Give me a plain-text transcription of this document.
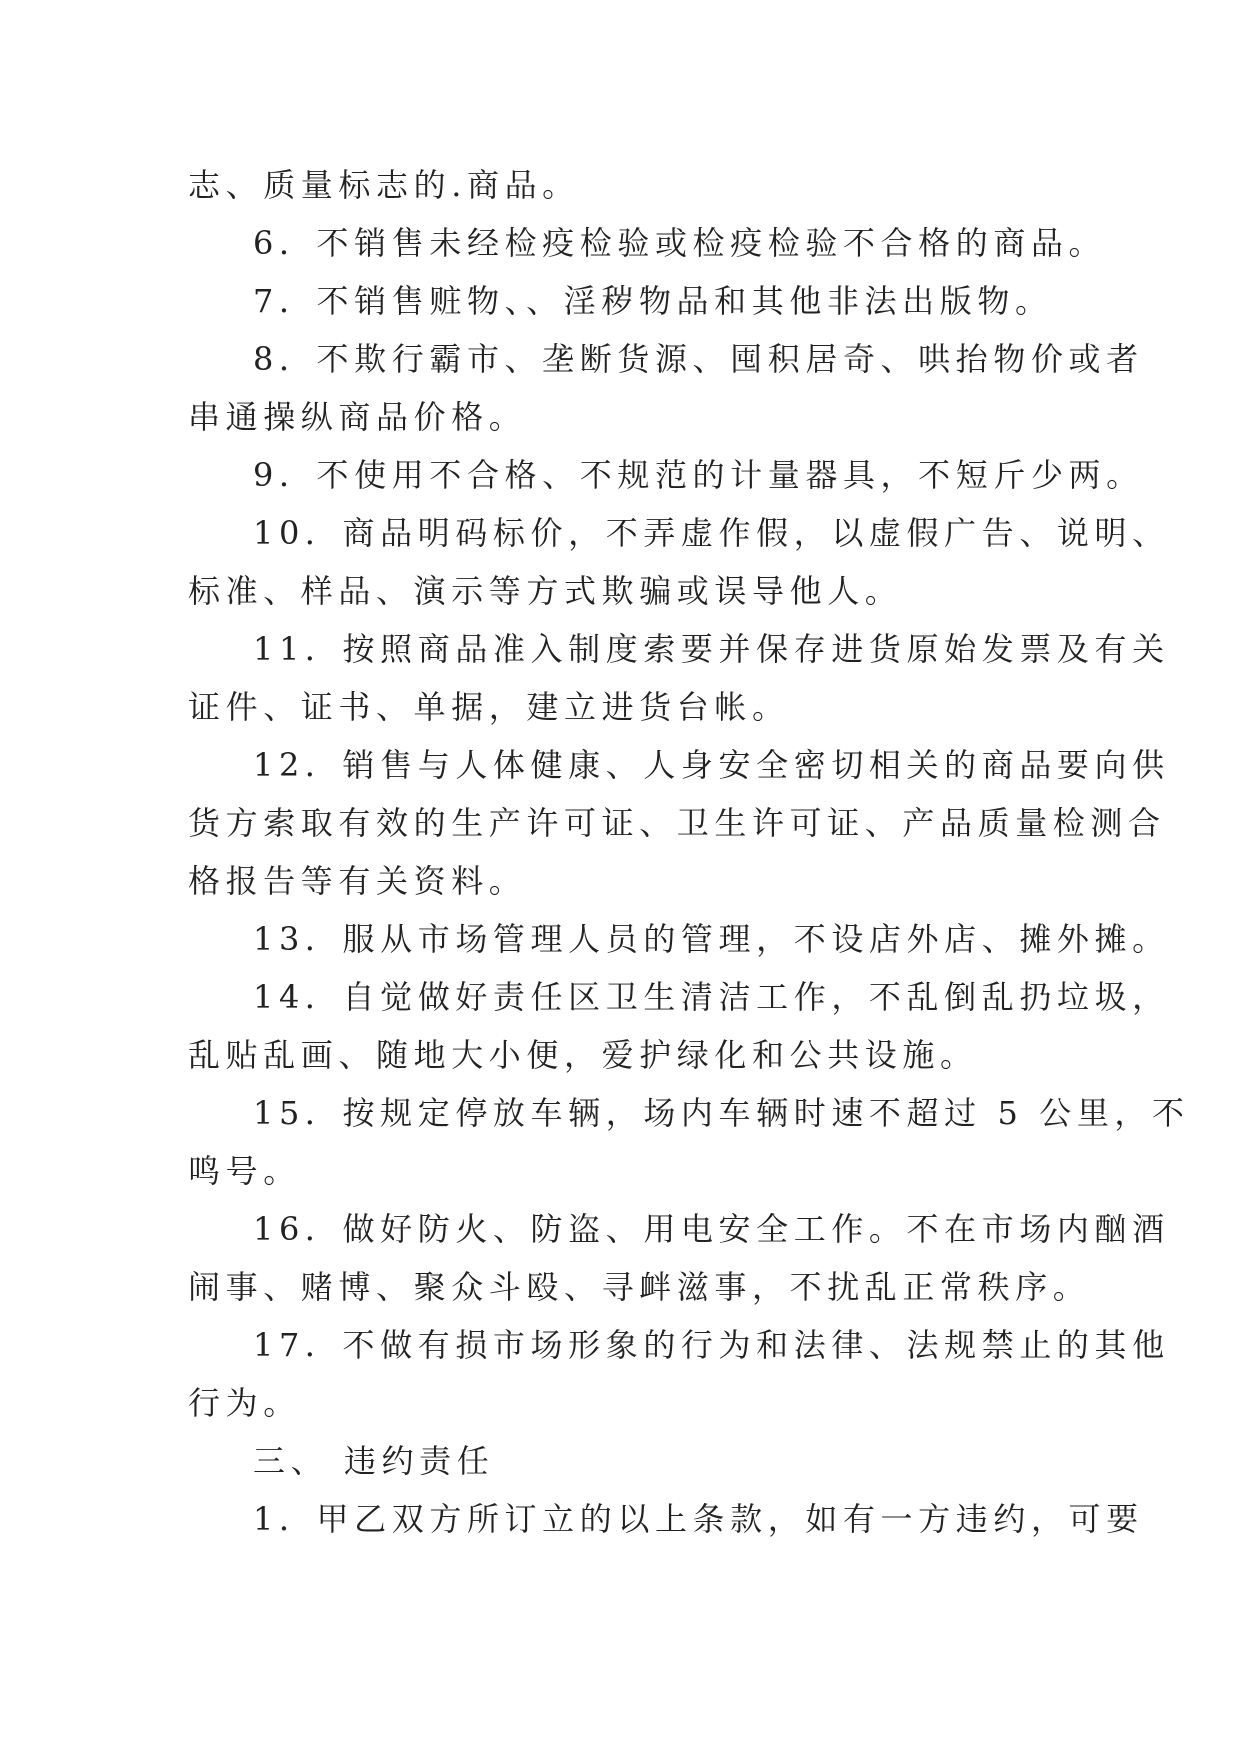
志、质量标志的.商品。
6．不销售未经检疫检验或检疫检验不合格的商品。
7．不销售赃物、、淫秽物品和其他非法出版物。
8．不欺行霸市、垄断货源、囤积居奇、哄抬物价或者
串通操纵商品价格。
9．不使用不合格、不规范的计量器具，不短斤少两。
10．商品明码标价，不弄虚作假，以虚假广告、说明、
标准、样品、演示等方式欺骗或误导他人。
11．按照商品准入制度索要并保存进货原始发票及有关
证件、证书、单据，建立进货台帐。
12．销售与人体健康、人身安全密切相关的商品要向供
货方索取有效的生产许可证、卫生许可证、产品质量检测合
格报告等有关资料。
13．服从市场管理人员的管理，不设店外店、摊外摊。
14．自觉做好责任区卫生清洁工作，不乱倒乱扔垃圾，
乱贴乱画、随地大小便，爱护绿化和公共设施。
15．按规定停放车辆，场内车辆时速不超过 5 公里，不
鸣号。
16．做好防火、防盗、用电安全工作。不在市场内酗酒
闹事、赌博、聚众斗殴、寻衅滋事，不扰乱正常秩序。
17．不做有损市场形象的行为和法律、法规禁止的其他
行为。
三、 违约责任
1．甲乙双方所订立的以上条款，如有一方违约，可要
